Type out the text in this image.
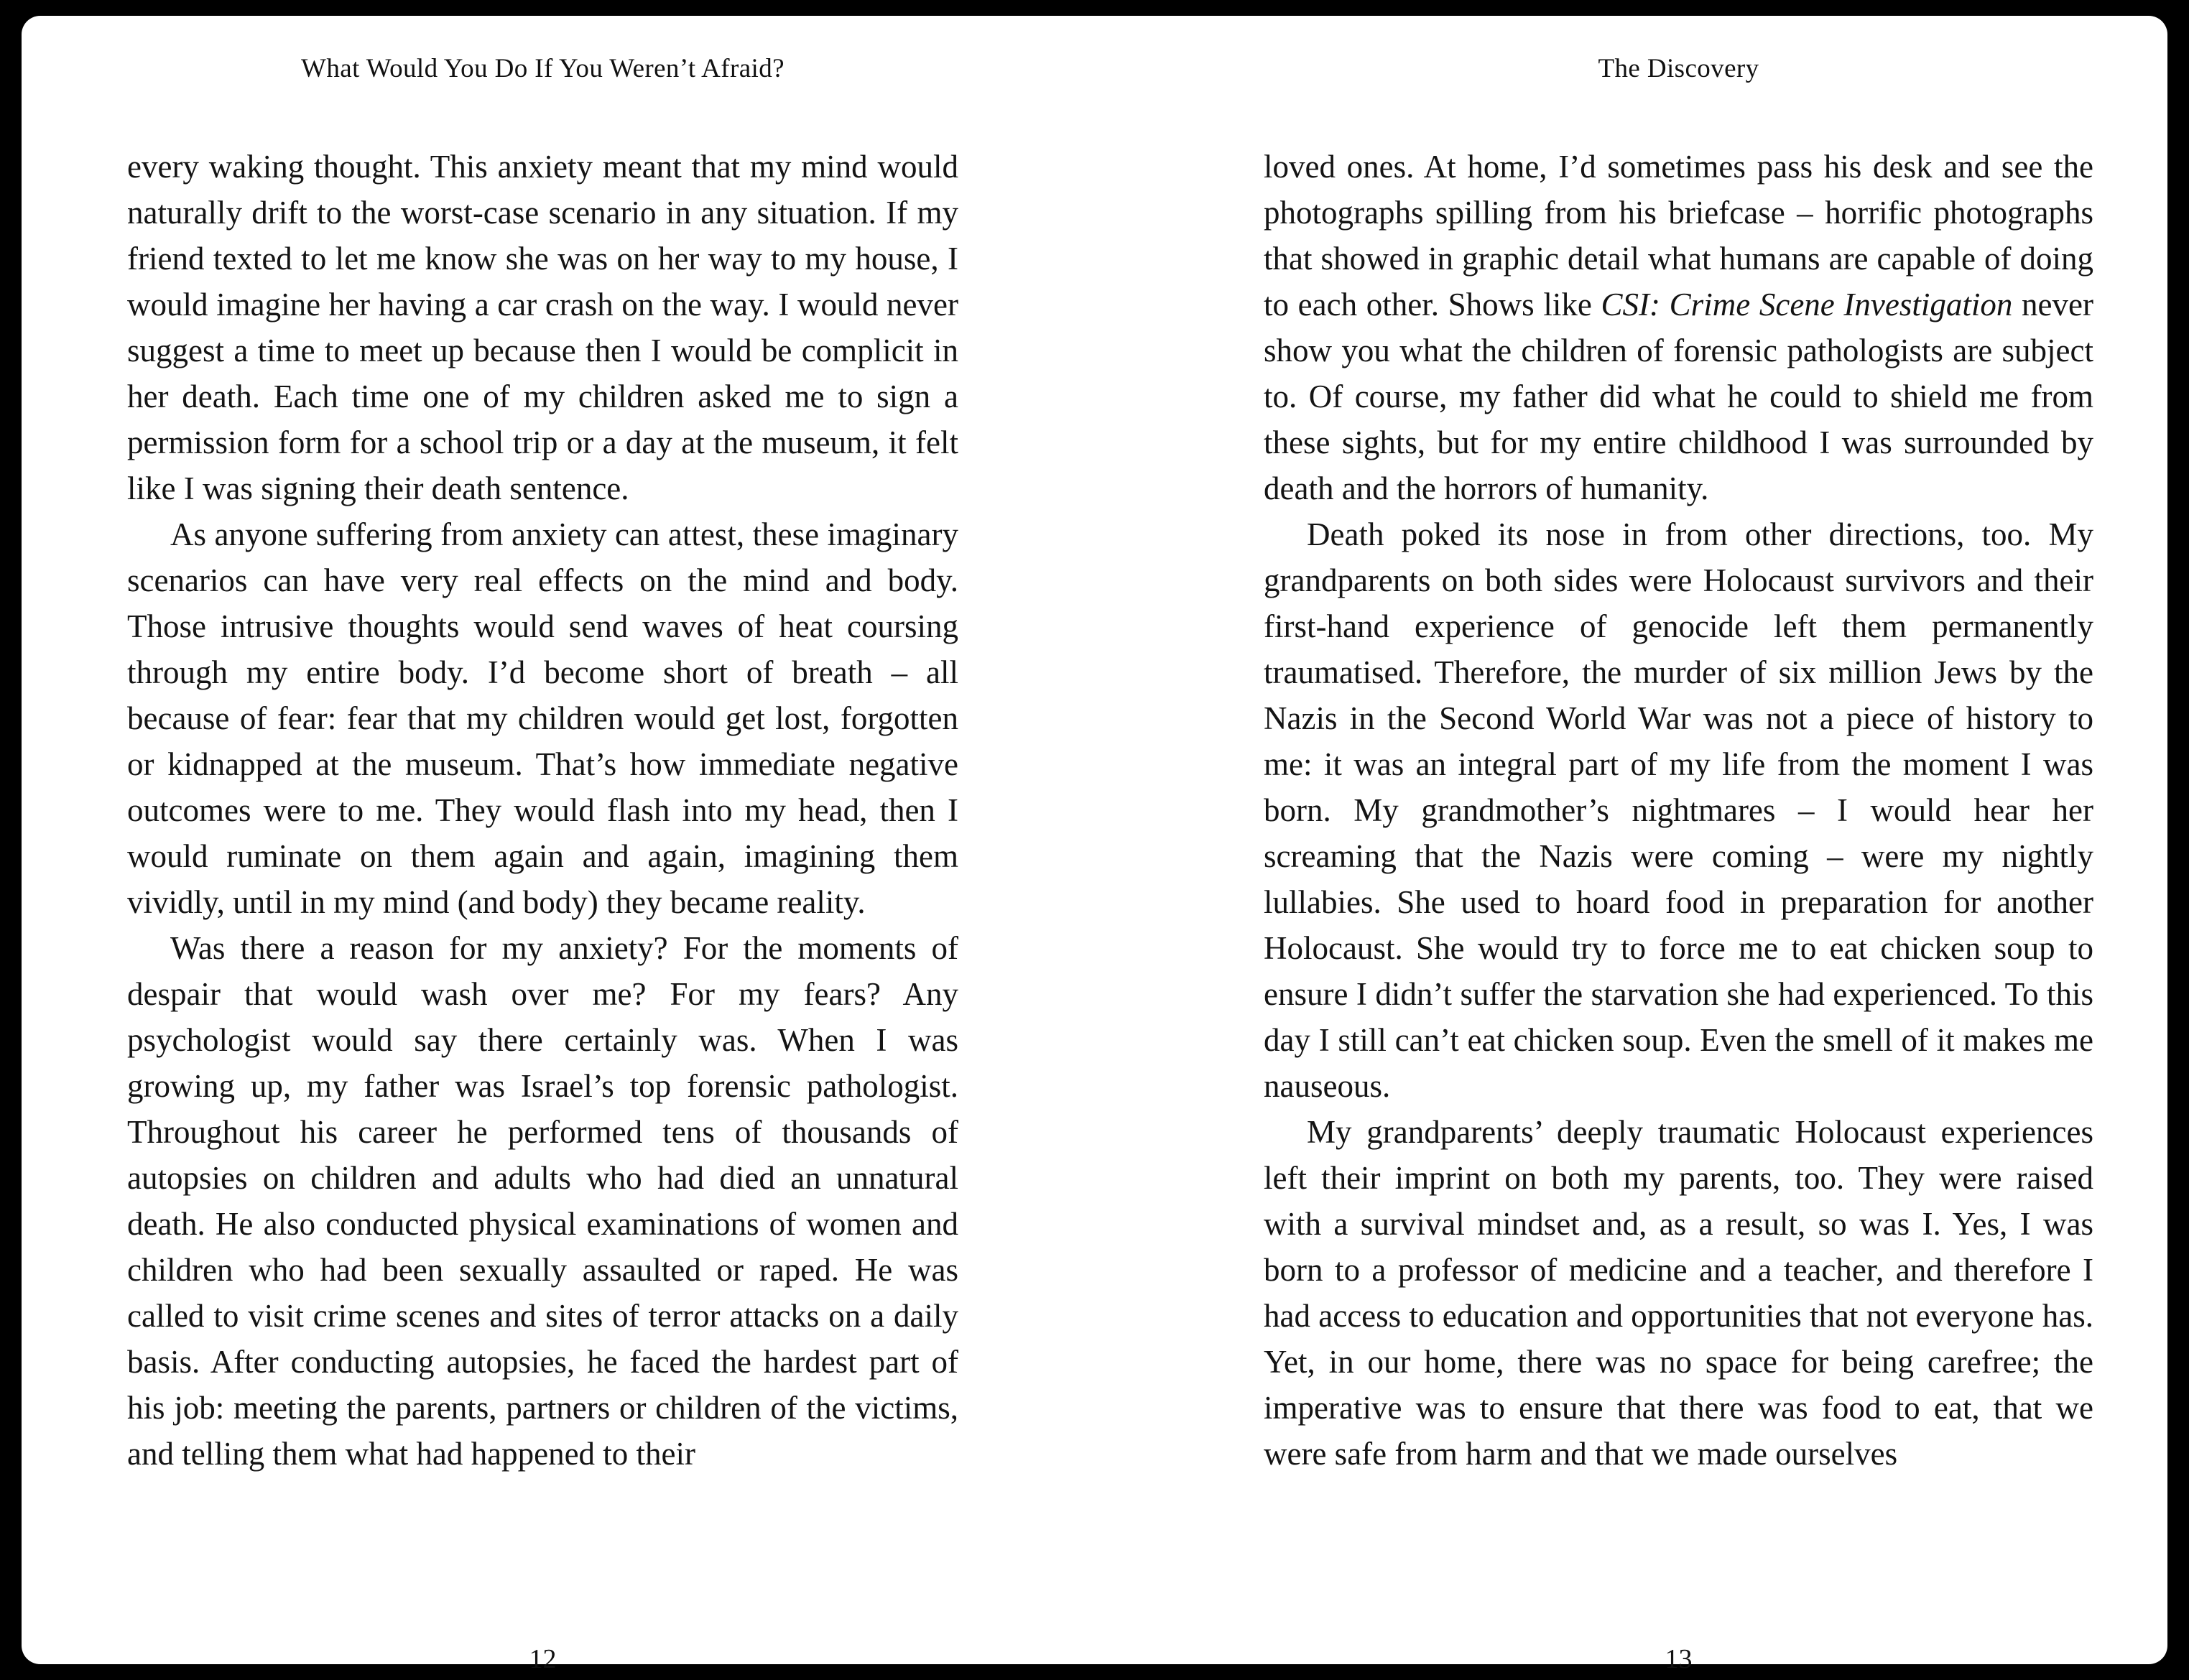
What Would You Do If You Weren’t Afraid?

every waking thought. This anxiety meant that my mind would naturally drift to the worst-case scenario in any situation. If my friend texted to let me know she was on her way to my house, I would imagine her having a car crash on the way. I would never suggest a time to meet up because then I would be complicit in her death. Each time one of my children asked me to sign a permission form for a school trip or a day at the museum, it felt like I was signing their death sentence.

As anyone suffering from anxiety can attest, these imaginary scenarios can have very real effects on the mind and body. Those intrusive thoughts would send waves of heat coursing through my entire body. I’d become short of breath – all because of fear: fear that my children would get lost, forgotten or kidnapped at the museum. That’s how immediate negative outcomes were to me. They would flash into my head, then I would ruminate on them again and again, imagining them vividly, until in my mind (and body) they became reality.

Was there a reason for my anxiety? For the moments of despair that would wash over me? For my fears? Any psychologist would say there certainly was. When I was growing up, my father was Israel’s top forensic pathologist. Throughout his career he performed tens of thousands of autopsies on children and adults who had died an unnatural death. He also conducted physical examinations of women and children who had been sexually assaulted or raped. He was called to visit crime scenes and sites of terror attacks on a daily basis. After conducting autopsies, he faced the hardest part of his job: meeting the parents, partners or children of the victims, and telling them what had happened to their

12
The Discovery

loved ones. At home, I’d sometimes pass his desk and see the photographs spilling from his briefcase – horrific photographs that showed in graphic detail what humans are capable of doing to each other. Shows like CSI: Crime Scene Investigation never show you what the children of forensic pathologists are subject to. Of course, my father did what he could to shield me from these sights, but for my entire childhood I was surrounded by death and the horrors of humanity.

Death poked its nose in from other directions, too. My grandparents on both sides were Holocaust survivors and their first-hand experience of genocide left them permanently traumatised. Therefore, the murder of six million Jews by the Nazis in the Second World War was not a piece of history to me: it was an integral part of my life from the moment I was born. My grandmother’s nightmares – I would hear her screaming that the Nazis were coming – were my nightly lullabies. She used to hoard food in preparation for another Holocaust. She would try to force me to eat chicken soup to ensure I didn’t suffer the starvation she had experienced. To this day I still can’t eat chicken soup. Even the smell of it makes me nauseous.

My grandparents’ deeply traumatic Holocaust experiences left their imprint on both my parents, too. They were raised with a survival mindset and, as a result, so was I. Yes, I was born to a professor of medicine and a teacher, and therefore I had access to education and opportunities that not everyone has. Yet, in our home, there was no space for being carefree; the imperative was to ensure that there was food to eat, that we were safe from harm and that we made ourselves

13
